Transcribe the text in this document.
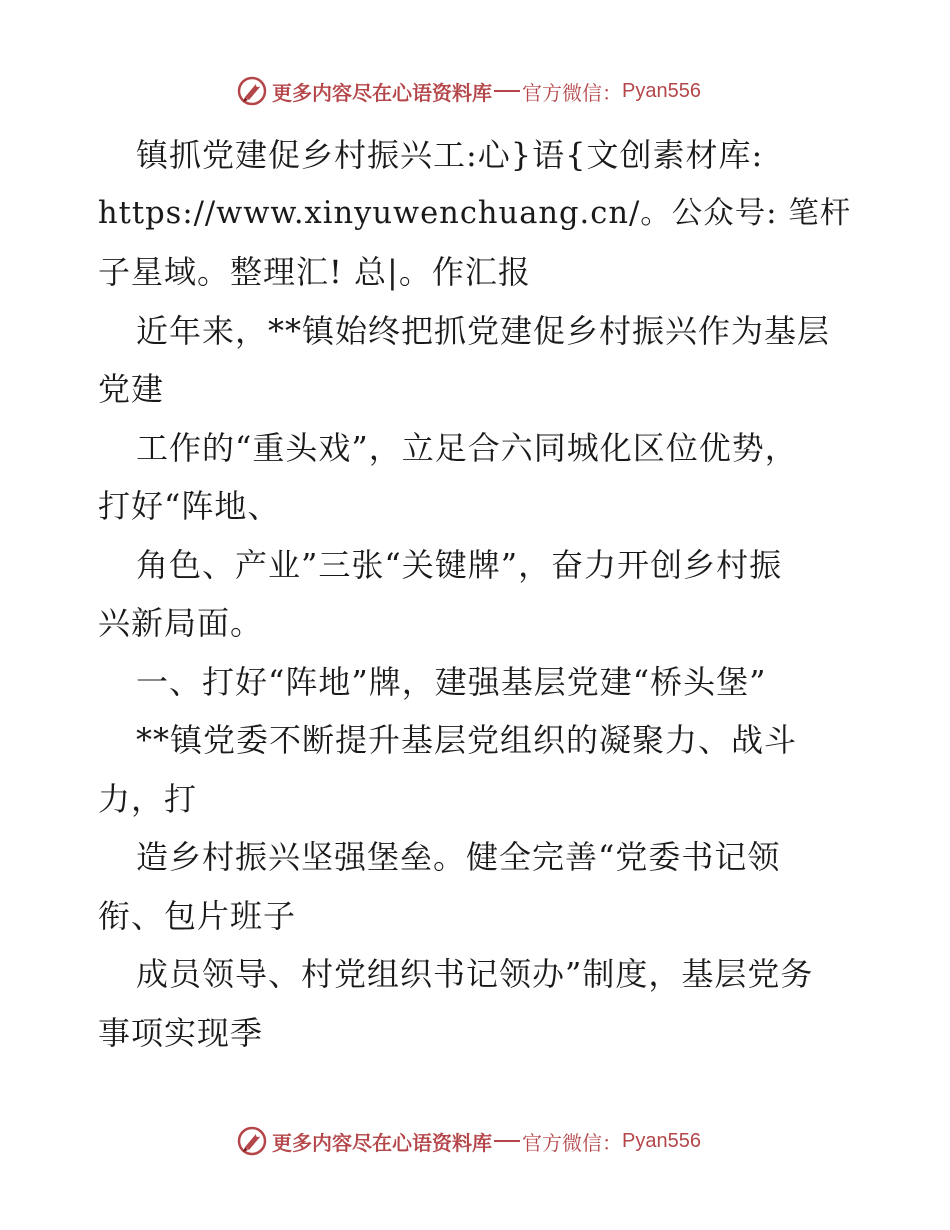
更多内容尽在心语资料库 官方微信： Pyan556
镇抓党建促乡村振兴工:心}语{文创素材库:
https://www.xinyuwenchuang.cn/。公众号: 笔杆
子星域。整理汇! 总|。作汇报
近年来，**镇始终把抓党建促乡村振兴作为基层
党建
工作的“重头戏”，立足合六同城化区位优势，
打好“阵地、
角色、产业”三张“关键牌”，奋力开创乡村振
兴新局面。
一、打好“阵地”牌，建强基层党建“桥头堡”
**镇党委不断提升基层党组织的凝聚力、战斗
力，打
造乡村振兴坚强堡垒。健全完善“党委书记领
衔、包片班子
成员领导、村党组织书记领办”制度，基层党务
事项实现季
更多内容尽在心语资料库 官方微信： Pyan556
